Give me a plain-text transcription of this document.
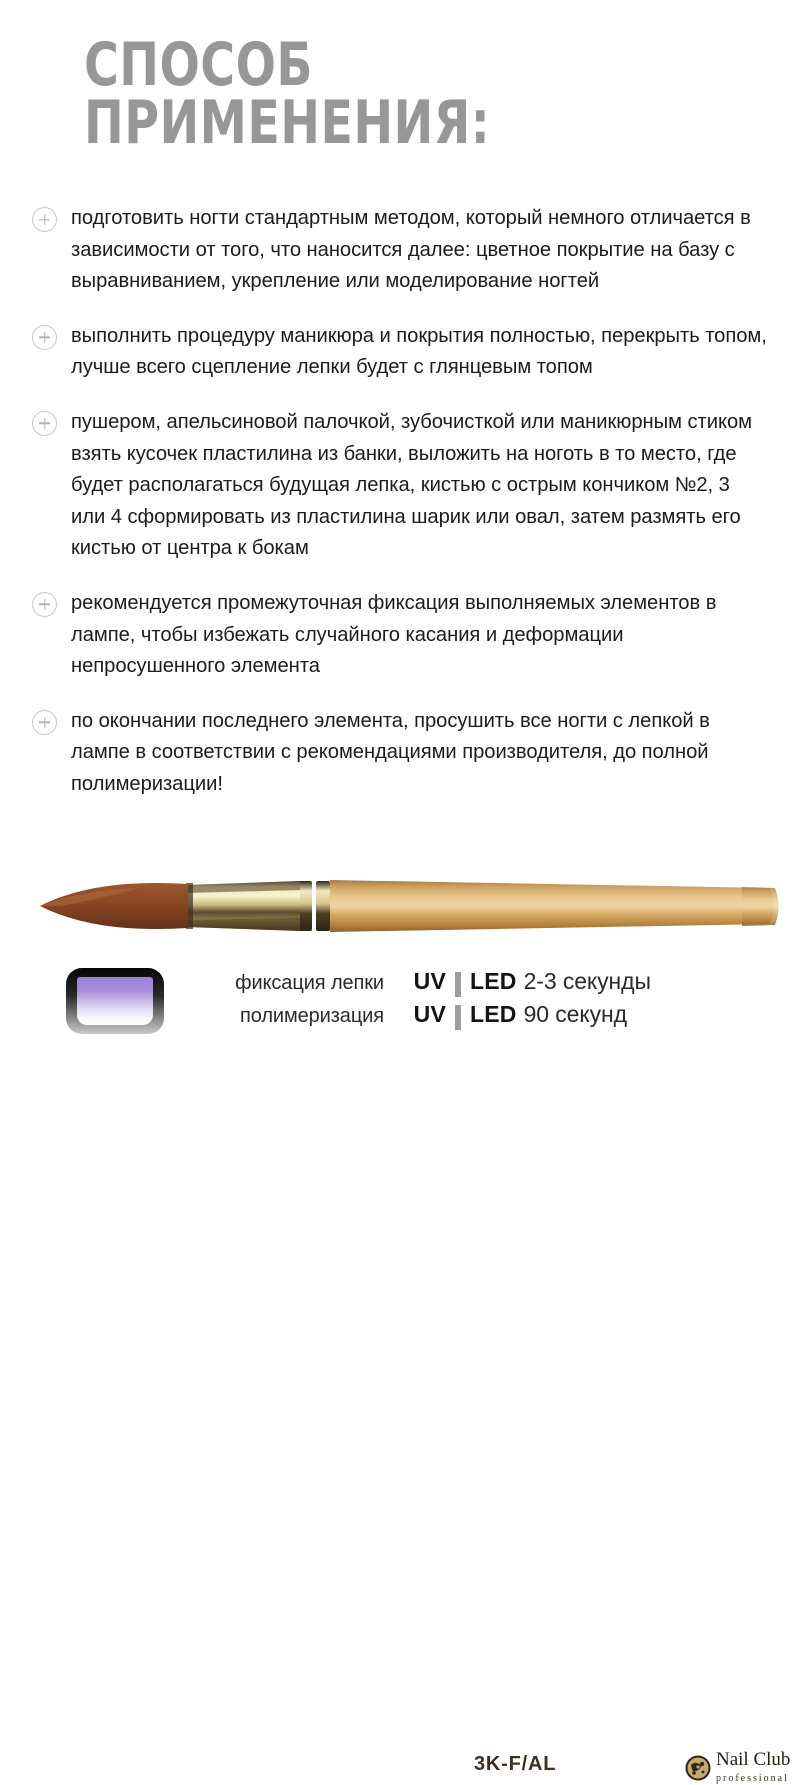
СПОСОБ
ПРИМЕНЕНИЯ:
подготовить ногти стандартным методом, который немного отличается в зависимости от того, что наносится далее: цветное покрытие на базу с выравниванием, укрепление или моделирование ногтей
выполнить процедуру маникюра и покрытия полностью, перекрыть топом, лучше всего сцепление лепки будет с глянцевым топом
пушером, апельсиновой палочкой, зубочисткой или маникюрным стиком взять кусочек пластилина из банки, выложить на ноготь в то место, где будет располагаться будущая лепка, кистью с острым кончиком №2, 3 или 4 сформировать из пластилина шарик или овал, затем размять его кистью от центра к бокам
рекомендуется промежуточная фиксация выполняемых элементов в лампе, чтобы избежать случайного касания и деформации непросушенного элемента
по окончании последнего элемента, просушить все ногти с лепкой в лампе в соответствии с рекомендациями производителя, до полной полимеризации!
3K-F/AL	Nail Club
professional
фиксация лепки	UV LED 2-3 секунды
полимеризация	UV LED 90 секунд
